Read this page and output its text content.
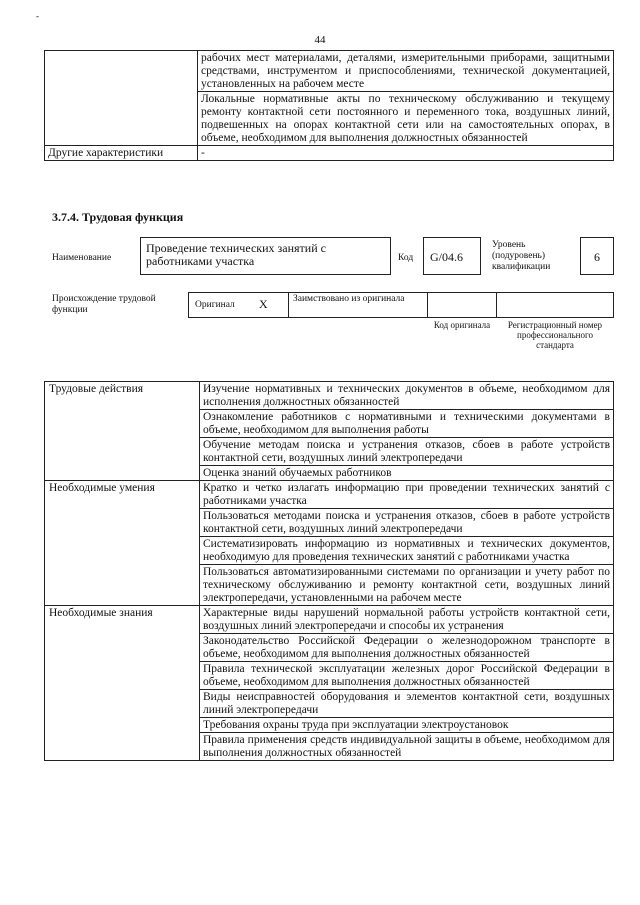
-
44
	рабочих мест материалами, деталями, измерительными приборами, защитными средствами, инструментом и приспособлениями, технической документацией, установленных на рабочем месте
	Локальные нормативные акты по техническому обслуживанию и текущему ремонту контактной сети постоянного и переменного тока, воздушных линий, подвешенных на опорах контактной сети или на самостоятельных опорах, в объеме, необходимом для выполнения должностных обязанностей
Другие характеристики	-
3.7.4. Трудовая функция
Наименование
Проведение технических занятий с работниками участка	Код G/04.6
Уровень (подуровень) квалификации
6
Происхождение трудовой функции	Оригинал X	Заимствовано из оригинала
Код оригинала	Регистрационный номер профессионального стандарта
Трудовые действия	Изучение нормативных и технических документов в объеме, необходимом для исполнения должностных обязанностей
	Ознакомление работников с нормативными и техническими документами в объеме, необходимом для выполнения работы
	Обучение методам поиска и устранения отказов, сбоев в работе устройств контактной сети, воздушных линий электропередачи
	Оценка знаний обучаемых работников
Необходимые умения	Кратко и четко излагать информацию при проведении технических занятий с работниками участка
	Пользоваться методами поиска и устранения отказов, сбоев в работе устройств контактной сети, воздушных линий электропередачи
	Систематизировать информацию из нормативных и технических документов, необходимую для проведения технических занятий с работниками участка
	Пользоваться автоматизированными системами по организации и учету работ по техническому обслуживанию и ремонту контактной сети, воздушных линий электропередачи, установленными на рабочем месте
Необходимые знания	Характерные виды нарушений нормальной работы устройств контактной сети, воздушных линий электропередачи и способы их устранения
	Законодательство Российской Федерации о железнодорожном транспорте в объеме, необходимом для выполнения должностных обязанностей
	Правила технической эксплуатации железных дорог Российской Федерации в объеме, необходимом для выполнения должностных обязанностей
	Виды неисправностей оборудования и элементов контактной сети, воздушных линий электропередачи
	Требования охраны труда при эксплуатации электроустановок
	Правила применения средств индивидуальной защиты в объеме, необходимом для выполнения должностных обязанностей
